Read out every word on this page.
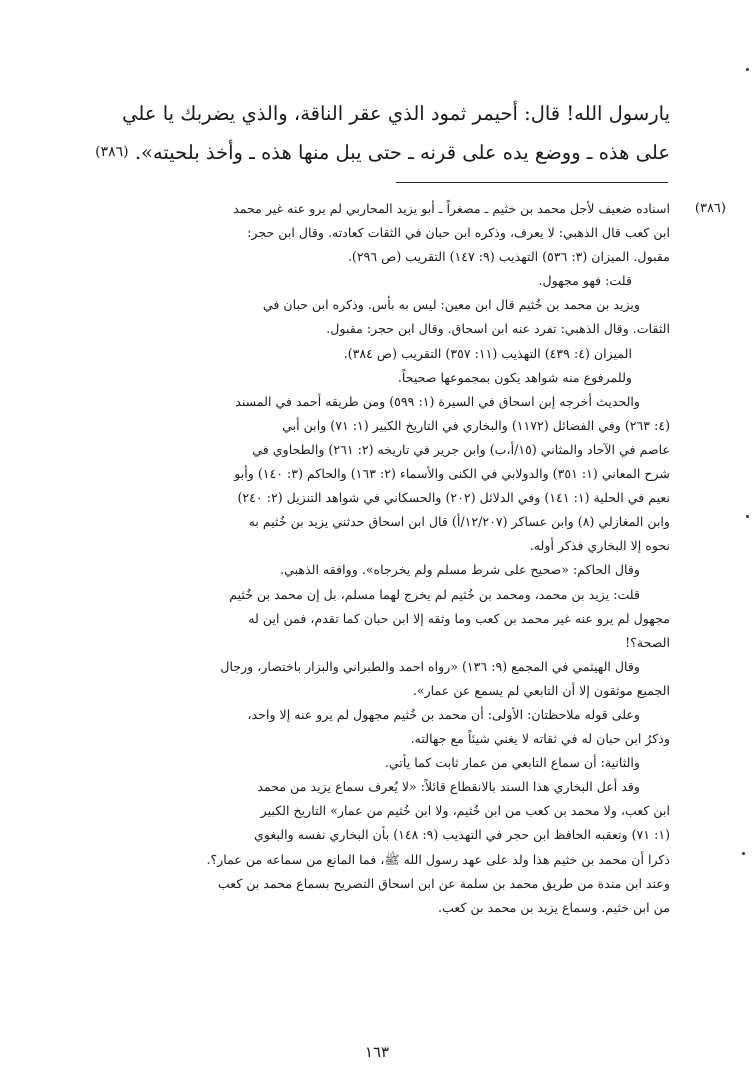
يارسول الله! قال: أحيمر ثمود الذي عقر الناقة، والذي يضربك يا علي
على هذه ـ ووضع يده على قرنه ـ حتى يبل منها هذه ـ وأخذ بلحيته». (٣٨٦)
(٣٨٦)
اسناده ضعيف لأجل محمد بن خثيم ـ مصغراً ـ أبو يزيد المحاربي لم يرو عنه غير محمد
ابن كعب قال الذهبي: لا يعرف، وذكره ابن حبان في الثقات كعادته. وقال ابن حجر:
مقبول. الميزان (٣: ٥٣٦) التهذيب (٩: ١٤٧) التقريب (ص ٢٩٦).
قلت: فهو مجهول.
ويزيد بن محمد بن خُثيم قال ابن معين: ليس به بأس. وذكره ابن حبان في
الثقات. وقال الذهبي: تفرد عنه ابن اسحاق. وقال ابن حجر: مقبول.
الميزان (٤: ٤٣٩) التهذيب (١١: ٣٥٧) التقريب (ص ٣٨٤).
وللمرفوع منه شواهد يكون بمجموعها صحيحاً.
والحديث أخرجه إبن اسحاق في السيرة (١: ٥٩٩) ومن طريقه أحمد في المسند
(٤: ٢٦٣) وفي الفضائل (١١٧٢) والبخاري في التاريخ الكبير (١: ٧١) وابن أبي
عاصم في الآحاد والمثاني (١٥/أ،ب) وابن جرير في تاريخه (٢: ٢٦١) والطحاوي في
شرح المعاني (١: ٣٥١) والدولابي في الكنى والأسماء (٢: ١٦٣) والحاكم (٣: ١٤٠) وأبو
نعيم في الحلية (١: ١٤١) وفي الدلائل (٢٠٢) والحسكاني في شواهد التنزيل (٢: ٢٤٠)
وابن المغازلي (٨) وابن عساكر (١٢/٢٠٧/أ) قال ابن اسحاق حدثني يزيد بن خُثيم به
نحوه إلا البخاري فذكر أوله.
وقال الحاكم: «صحيح على شرط مسلم ولم يخرجاه». ووافقه الذهبي.
قلت: يزيد بن محمد، ومحمد بن خُثيم لم يخرج لهما مسلم، بل إن محمد بن خُثيم
مجهول لم يرو عنه غير محمد بن كعب وما وثقه إلا ابن حبان كما تقدم، فمن اين له
الصحة؟!
وقال الهيثمي في المجمع (٩: ١٣٦) «رواه احمد والطبراني والبزار باختصار، ورجال
الجميع موثقون إلا أن التابعي لم يسمع عن عمار».
وعلى قوله ملاحظتان: الأولى: أن محمد بن خُثيم مجهول لم يرو عنه إلا واحد،
وذكرُ ابن حبان له في ثقاته لا يغني شيئاً مع جهالته.
والثانية: أن سماع التابعي من عمار ثابت كما يأتي.
وقد أعل البخاري هذا السند بالانقطاع قائلاً: «لا يُعرف سماع يزيد من محمد
ابن كعب، ولا محمد بن كعب من ابن خُثيم، ولا ابن خُثيم من عمار» التاريخ الكبير
(١: ٧١) وتعقبه الحافظ ابن حجر في التهذيب (٩: ١٤٨) بأن البخاري نفسه والبغوي
ذكرا أن محمد بن خثيم هذا ولد على عهد رسول الله ﷺ، فما المانع من سماعه من عمار؟.
وعند ابن مندة من طريق محمد بن سلمة عن ابن اسحاق التصريح بسماع محمد بن كعب
من ابن خثيم. وسماع يزيد بن محمد بن كعب.
١٦٣
